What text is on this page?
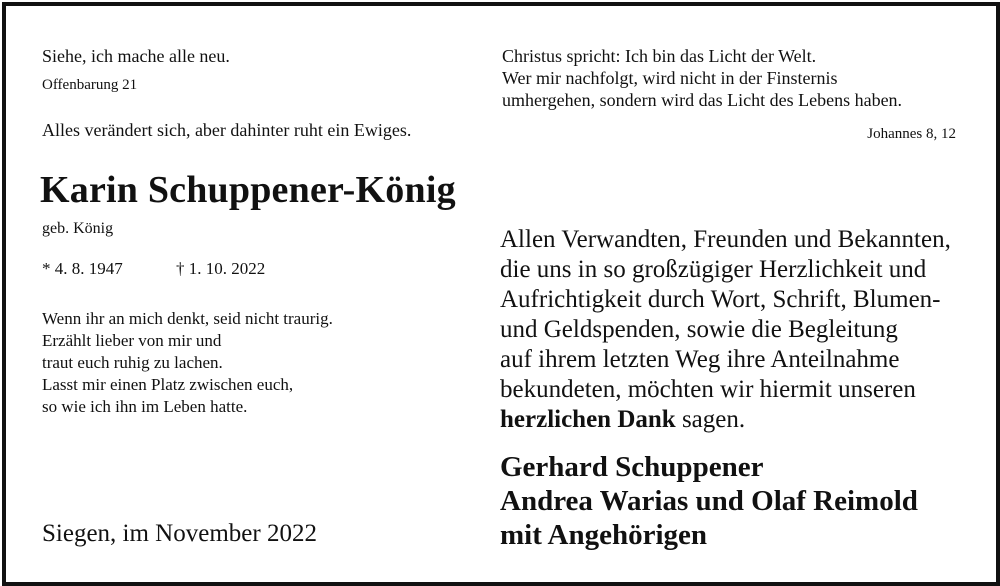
Siehe, ich mache alle neu.
Offenbarung 21
Alles verändert sich, aber dahinter ruht ein Ewiges.
Karin Schuppener-König
geb. König
* 4. 8. 1947	† 1. 10. 2022
Wenn ihr an mich denkt, seid nicht traurig.
Erzählt lieber von mir und
traut euch ruhig zu lachen.
Lasst mir einen Platz zwischen euch,
so wie ich ihn im Leben hatte.
Siegen, im November 2022
Christus spricht: Ich bin das Licht der Welt.
Wer mir nachfolgt, wird nicht in der Finsternis
umhergehen, sondern wird das Licht des Lebens haben.
Johannes 8, 12
Allen Verwandten, Freunden und Bekannten,
die uns in so großzügiger Herzlichkeit und
Aufrichtigkeit durch Wort, Schrift, Blumen-
und Geldspenden, sowie die Begleitung
auf ihrem letzten Weg ihre Anteilnahme
bekundeten, möchten wir hiermit unseren
herzlichen Dank sagen.
Gerhard Schuppener
Andrea Warias und Olaf Reimold
mit Angehörigen
